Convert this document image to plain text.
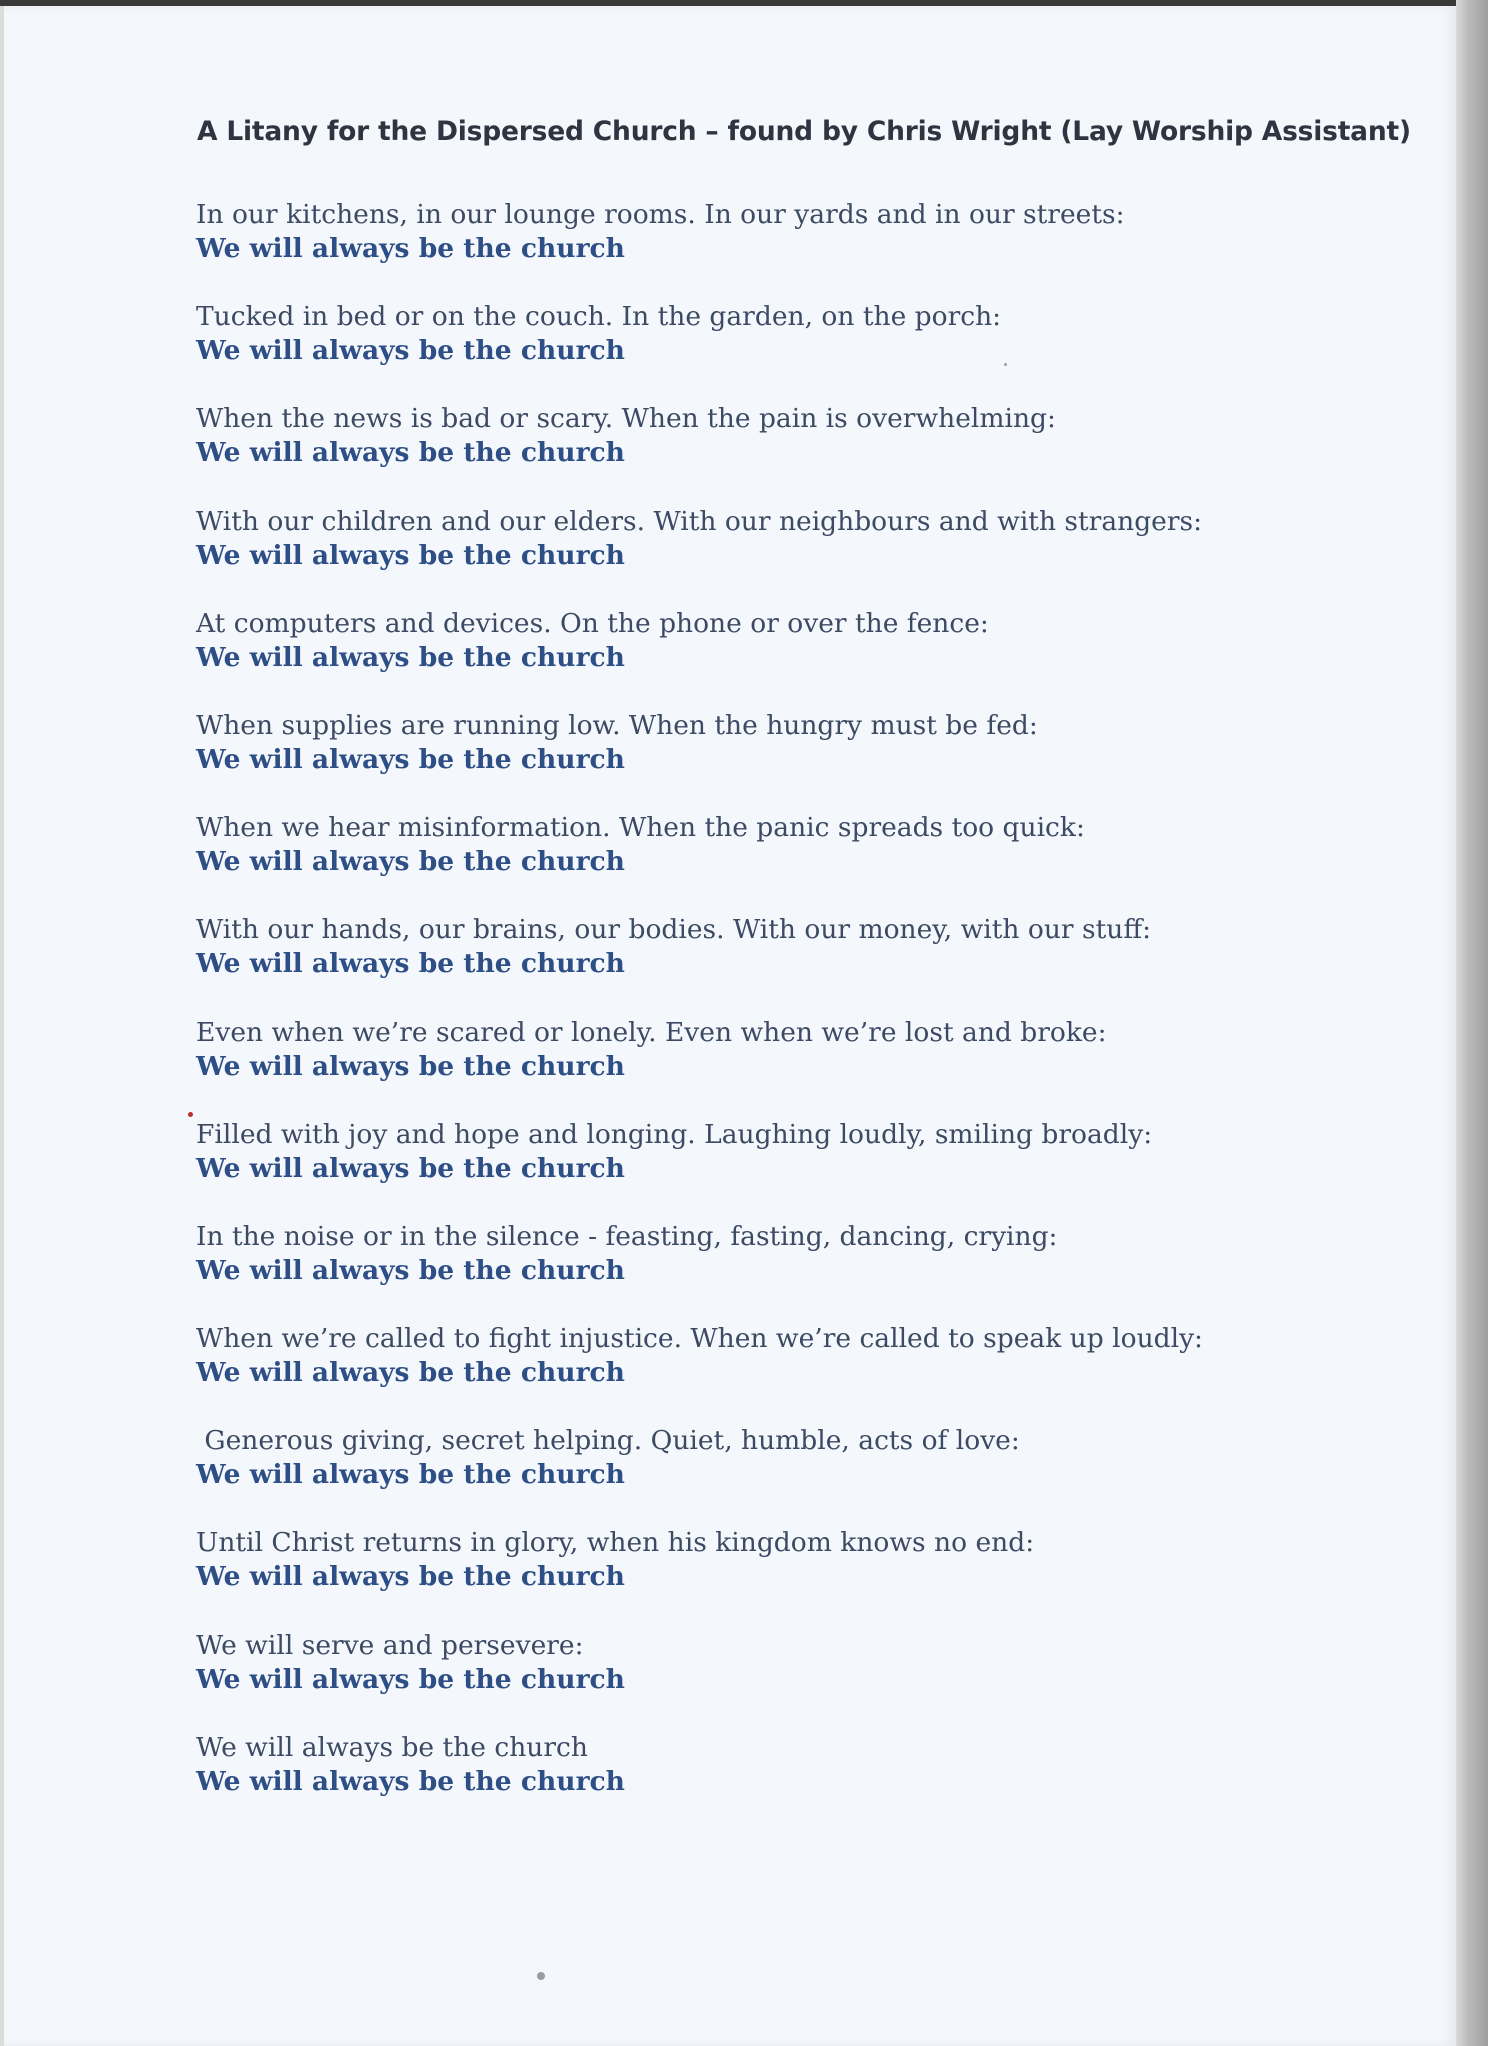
A Litany for the Dispersed Church – found by Chris Wright (Lay Worship Assistant)
In our kitchens, in our lounge rooms. In our yards and in our streets:
We will always be the church
Tucked in bed or on the couch. In the garden, on the porch:
We will always be the church
When the news is bad or scary. When the pain is overwhelming:
We will always be the church
With our children and our elders. With our neighbours and with strangers:
We will always be the church
At computers and devices. On the phone or over the fence:
We will always be the church
When supplies are running low. When the hungry must be fed:
We will always be the church
When we hear misinformation. When the panic spreads too quick:
We will always be the church
With our hands, our brains, our bodies. With our money, with our stuff:
We will always be the church
Even when we’re scared or lonely. Even when we’re lost and broke:
We will always be the church
Filled with joy and hope and longing. Laughing loudly, smiling broadly:
We will always be the church
In the noise or in the silence - feasting, fasting, dancing, crying:
We will always be the church
When we’re called to fight injustice. When we’re called to speak up loudly:
We will always be the church
Generous giving, secret helping. Quiet, humble, acts of love:
We will always be the church
Until Christ returns in glory, when his kingdom knows no end:
We will always be the church
We will serve and persevere:
We will always be the church
We will always be the church
We will always be the church
